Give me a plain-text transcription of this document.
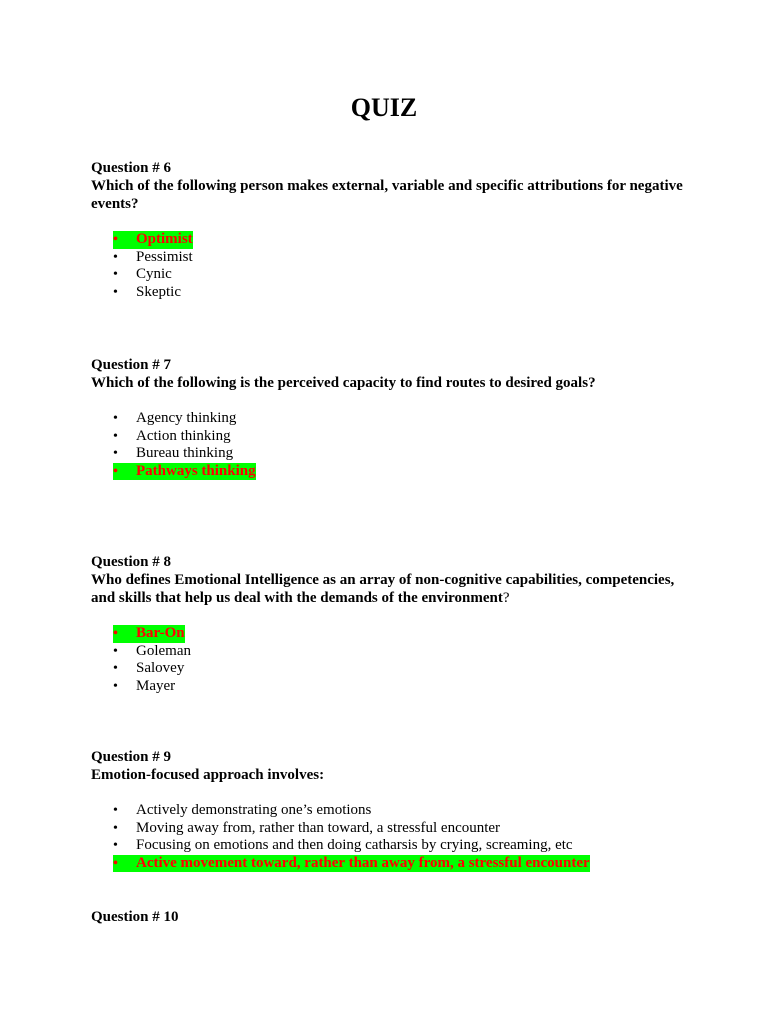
QUIZ
Question # 6
Which of the following person makes external, variable and specific attributions for negative events?
•	Optimist
•	Pessimist
•	Cynic
•	Skeptic
Question # 7
Which of the following is the perceived capacity to find routes to desired goals?
•	Agency thinking
•	Action thinking
•	Bureau thinking
•	Pathways thinking
Question # 8
Who defines Emotional Intelligence as an array of non-cognitive capabilities, competencies, and skills that help us deal with the demands of the environment?
•	Bar-On
•	Goleman
•	Salovey
•	Mayer
Question # 9
Emotion-focused approach involves:
•	Actively demonstrating one’s emotions
•	Moving away from, rather than toward, a stressful encounter
•	Focusing on emotions and then doing catharsis by crying, screaming, etc
•	Active movement toward, rather than away from, a stressful encounter
Question # 10
